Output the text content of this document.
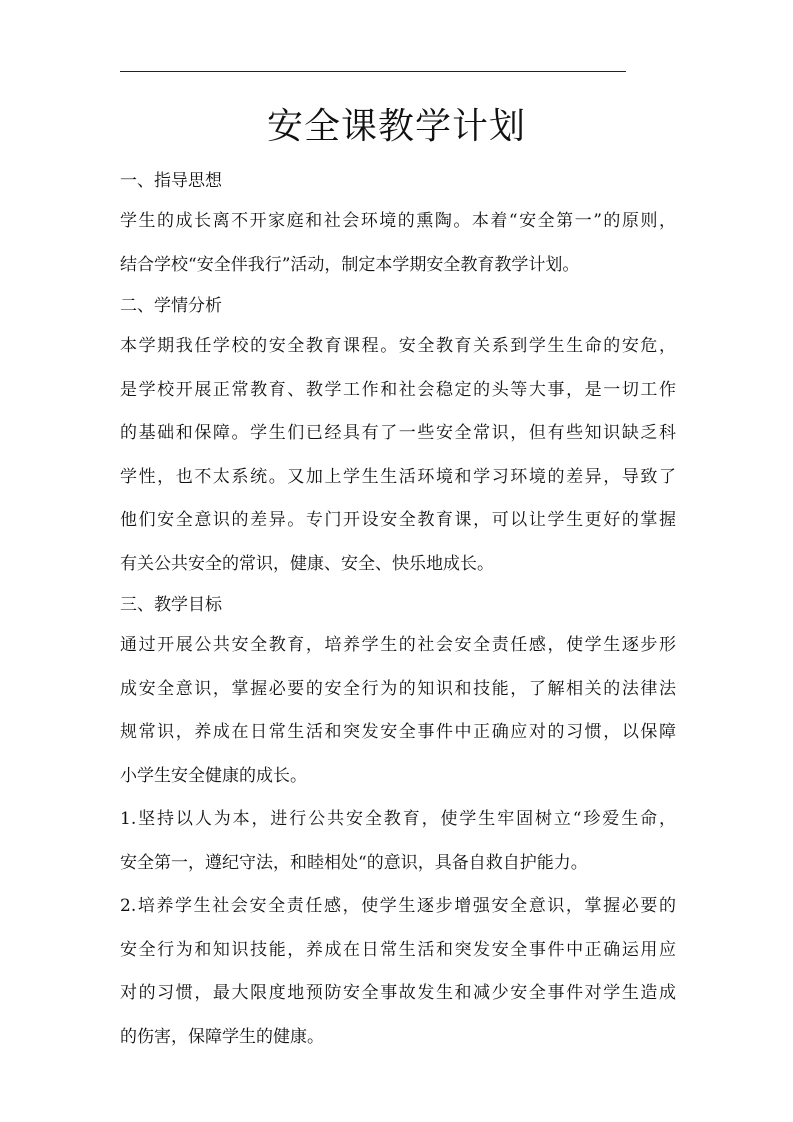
安全课教学计划
一、指导思想
学生的成长离不开家庭和社会环境的熏陶。本着“安全第一”的原则，
结合学校“安全伴我行”活动，制定本学期安全教育教学计划。
二、学情分析
本学期我任学校的安全教育课程。安全教育关系到学生生命的安危，
是学校开展正常教育、教学工作和社会稳定的头等大事，是一切工作
的基础和保障。学生们已经具有了一些安全常识，但有些知识缺乏科
学性，也不太系统。又加上学生生活环境和学习环境的差异，导致了
他们安全意识的差异。专门开设安全教育课，可以让学生更好的掌握
有关公共安全的常识，健康、安全、快乐地成长。
三、教学目标
通过开展公共安全教育，培养学生的社会安全责任感，使学生逐步形
成安全意识，掌握必要的安全行为的知识和技能，了解相关的法律法
规常识，养成在日常生活和突发安全事件中正确应对的习惯，以保障
小学生安全健康的成长。
1.坚持以人为本，进行公共安全教育，使学生牢固树立“珍爱生命，
安全第一，遵纪守法，和睦相处“的意识，具备自救自护能力。
2.培养学生社会安全责任感，使学生逐步增强安全意识，掌握必要的
安全行为和知识技能，养成在日常生活和突发安全事件中正确运用应
对的习惯，最大限度地预防安全事故发生和减少安全事件对学生造成
的伤害，保障学生的健康。
